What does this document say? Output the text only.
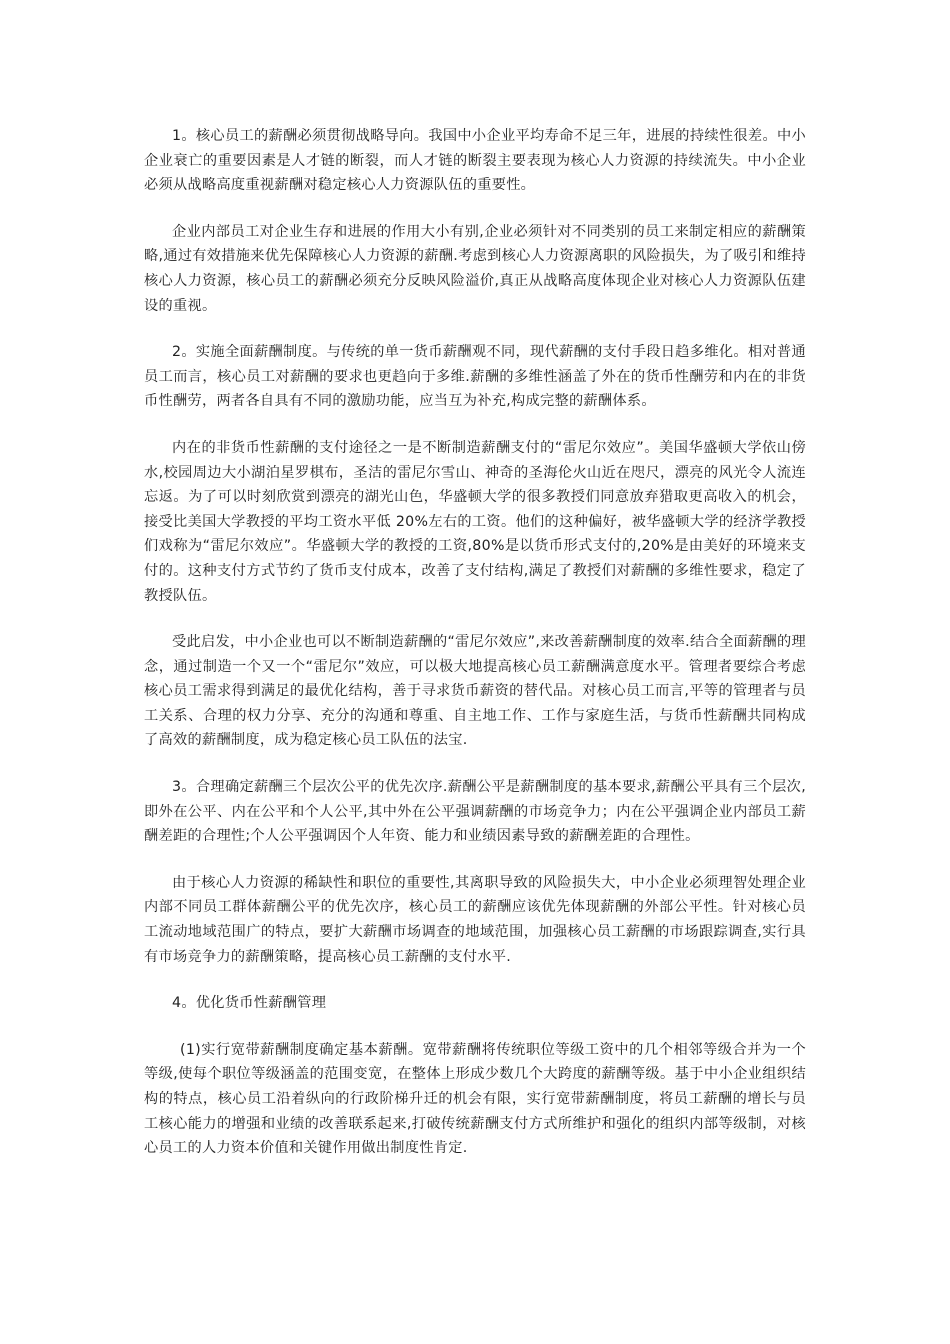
1。核心员工的薪酬必须贯彻战略导向。我国中小企业平均寿命不足三年，进展的持续性很差。中小企业衰亡的重要因素是人才链的断裂，而人才链的断裂主要表现为核心人力资源的持续流失。中小企业必须从战略高度重视薪酬对稳定核心人力资源队伍的重要性。

企业内部员工对企业生存和进展的作用大小有别,企业必须针对不同类别的员工来制定相应的薪酬策略,通过有效措施来优先保障核心人力资源的薪酬.考虑到核心人力资源离职的风险损失，为了吸引和维持核心人力资源，核心员工的薪酬必须充分反映风险溢价,真正从战略高度体现企业对核心人力资源队伍建设的重视。

2。实施全面薪酬制度。与传统的单一货币薪酬观不同，现代薪酬的支付手段日趋多维化。相对普通员工而言，核心员工对薪酬的要求也更趋向于多维.薪酬的多维性涵盖了外在的货币性酬劳和内在的非货币性酬劳，两者各自具有不同的激励功能，应当互为补充,构成完整的薪酬体系。

内在的非货币性薪酬的支付途径之一是不断制造薪酬支付的“雷尼尔效应”。美国华盛顿大学依山傍水,校园周边大小湖泊星罗棋布，圣洁的雷尼尔雪山、神奇的圣海伦火山近在咫尺，漂亮的风光令人流连忘返。为了可以时刻欣赏到漂亮的湖光山色，华盛顿大学的很多教授们同意放弃猎取更高收入的机会，接受比美国大学教授的平均工资水平低 20%左右的工资。他们的这种偏好，被华盛顿大学的经济学教授们戏称为“雷尼尔效应”。华盛顿大学的教授的工资,80%是以货币形式支付的,20%是由美好的环境来支付的。这种支付方式节约了货币支付成本，改善了支付结构,满足了教授们对薪酬的多维性要求，稳定了教授队伍。

受此启发，中小企业也可以不断制造薪酬的“雷尼尔效应”,来改善薪酬制度的效率.结合全面薪酬的理念，通过制造一个又一个“雷尼尔”效应，可以极大地提高核心员工薪酬满意度水平。管理者要综合考虑核心员工需求得到满足的最优化结构，善于寻求货币薪资的替代品。对核心员工而言,平等的管理者与员工关系、合理的权力分享、充分的沟通和尊重、自主地工作、工作与家庭生活，与货币性薪酬共同构成了高效的薪酬制度，成为稳定核心员工队伍的法宝.

3。合理确定薪酬三个层次公平的优先次序.薪酬公平是薪酬制度的基本要求,薪酬公平具有三个层次,即外在公平、内在公平和个人公平,其中外在公平强调薪酬的市场竞争力；内在公平强调企业内部员工薪酬差距的合理性;个人公平强调因个人年资、能力和业绩因素导致的薪酬差距的合理性。

由于核心人力资源的稀缺性和职位的重要性,其离职导致的风险损失大，中小企业必须理智处理企业内部不同员工群体薪酬公平的优先次序，核心员工的薪酬应该优先体现薪酬的外部公平性。针对核心员工流动地域范围广的特点，要扩大薪酬市场调查的地域范围，加强核心员工薪酬的市场跟踪调查,实行具有市场竞争力的薪酬策略，提高核心员工薪酬的支付水平.

4。优化货币性薪酬管理

(1)实行宽带薪酬制度确定基本薪酬。宽带薪酬将传统职位等级工资中的几个相邻等级合并为一个等级,使每个职位等级涵盖的范围变宽，在整体上形成少数几个大跨度的薪酬等级。基于中小企业组织结构的特点，核心员工沿着纵向的行政阶梯升迁的机会有限，实行宽带薪酬制度，将员工薪酬的增长与员工核心能力的增强和业绩的改善联系起来,打破传统薪酬支付方式所维护和强化的组织内部等级制，对核心员工的人力资本价值和关键作用做出制度性肯定.
